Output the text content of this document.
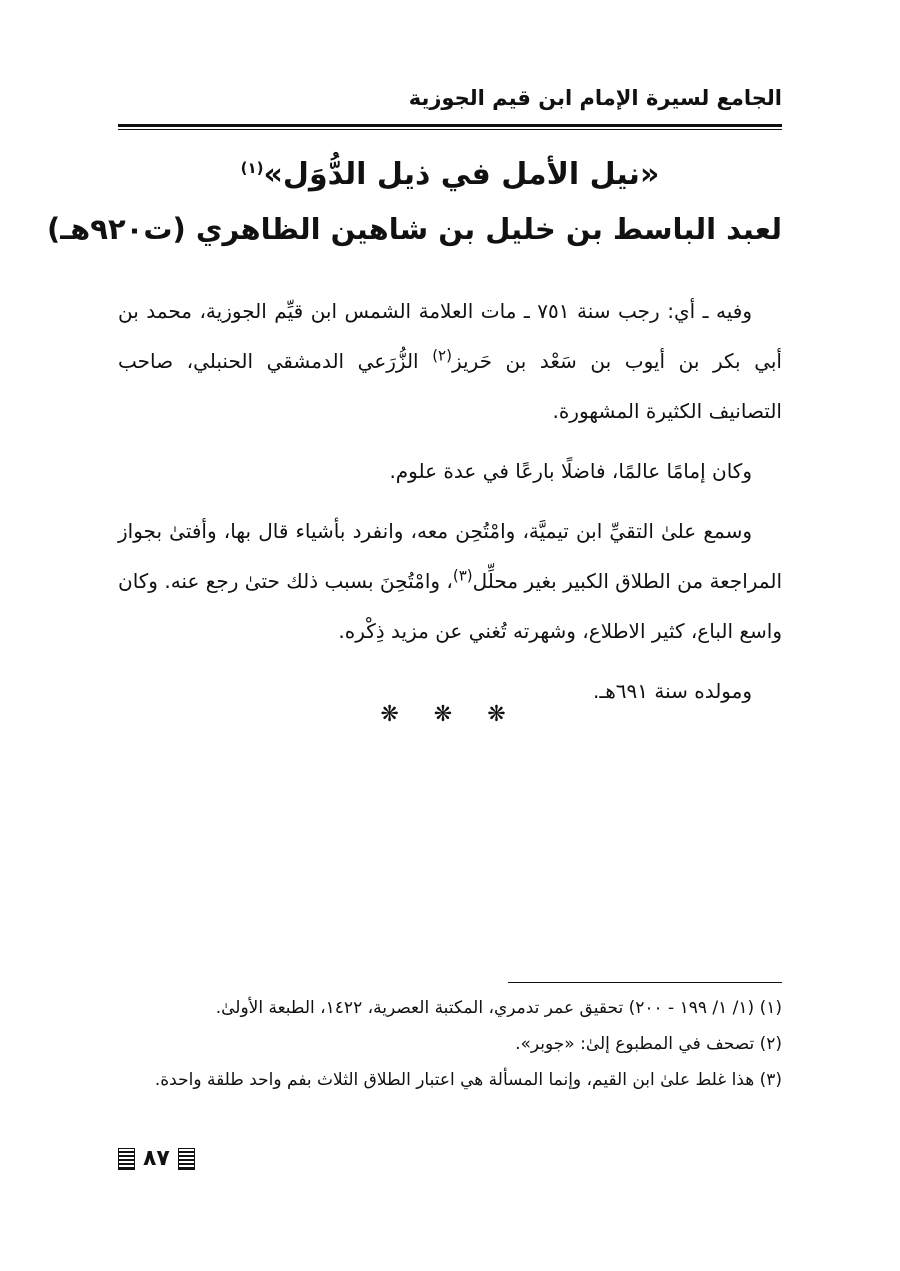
الجامع لسيرة الإمام ابن قيم الجوزية
«نيل الأمل في ذيل الدُّوَل»$^{(١)}$
لعبد الباسط بن خليل بن شاهين الظاهري (ت٩٢٠هـ)

وفيه ـ أي: رجب سنة ٧٥١ ـ مات العلامة الشمس ابن قيِّم الجوزية، محمد بن أبي بكر بن أيوب بن سَعْد بن حَريز$^{(٢)}$ الزُّرَعي الدمشقي الحنبلي، صاحب التصانيف الكثيرة المشهورة.

وكان إمامًا عالمًا، فاضلًا بارعًا في عدة علوم.

وسمع علىٰ التقيِّ ابن تيميَّة، وامْتُحِن معه، وانفرد بأشياء قال بها، وأفتىٰ بجواز المراجعة من الطلاق الكبير بغير محلِّل$^{(٣)}$، وامْتُحِنَ بسبب ذلك حتىٰ رجع عنه. وكان واسع الباع، كثير الاطلاع، وشهرته تُغني عن مزيد ذِكْره.

ومولده سنة ٦٩١هـ.

❋ ❋ ❋
(١) (١/ ١/ ١٩٩ - ٢٠٠) تحقيق عمر تدمري، المكتبة العصرية، ١٤٢٢، الطبعة الأولىٰ.
(٢) تصحف في المطبوع إلىٰ: «جوبر».
(٣) هذا غلط علىٰ ابن القيم، وإنما المسألة هي اعتبار الطلاق الثلاث بفم واحد طلقة واحدة.
٨٧
